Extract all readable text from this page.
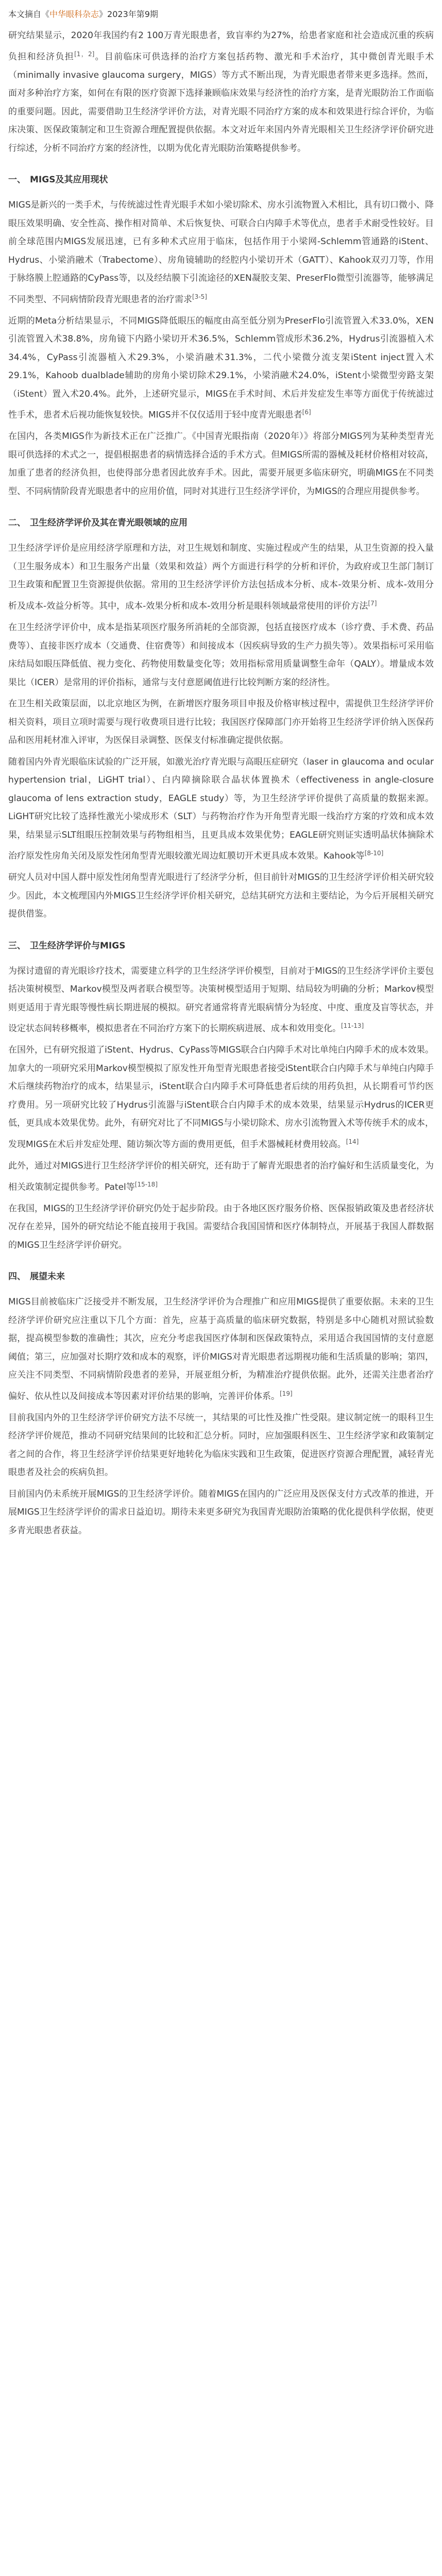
本文摘自《中华眼科杂志》2023年第9期

研究结果显示，2020年我国约有2 100万青光眼患者，致盲率约为27%，给患者家庭和社会造成沉重的疾病负担和经济负担[1，2]。目前临床可供选择的治疗方案包括药物、激光和手术治疗，其中微创青光眼手术（minimally invasive glaucoma surgery，MIGS）等方式不断出现，为青光眼患者带来更多选择。然而，面对多种治疗方案，如何在有限的医疗资源下选择兼顾临床效果与经济性的治疗方案，是青光眼防治工作面临的重要问题。因此，需要借助卫生经济学评价方法，对青光眼不同治疗方案的成本和效果进行综合评价，为临床决策、医保政策制定和卫生资源合理配置提供依据。本文对近年来国内外青光眼相关卫生经济学评价研究进行综述，分析不同治疗方案的经济性，以期为优化青光眼防治策略提供参考。

一、 MIGS及其应用现状

MIGS是新兴的一类手术，与传统滤过性青光眼手术如小梁切除术、房水引流物置入术相比，具有切口微小、降眼压效果明确、安全性高、操作相对简单、术后恢复快、可联合白内障手术等优点，患者手术耐受性较好。目前全球范围内MIGS发展迅速，已有多种术式应用于临床，包括作用于小梁网-Schlemm管通路的iStent、Hydrus、小梁消融术（Trabectome）、房角镜辅助的经腔内小梁切开术（GATT）、Kahook双刃刀等，作用于脉络膜上腔通路的CyPass等，以及经结膜下引流途径的XEN凝胶支架、PreserFlo微型引流器等，能够满足不同类型、不同病情阶段青光眼患者的治疗需求[3-5]

近期的Meta分析结果显示，不同MIGS降低眼压的幅度由高至低分别为PreserFlo引流管置入术33.0%，XEN引流管置入术38.8%，房角镜下内路小梁切开术36.5%，Schlemm管成形术36.2%，Hydrus引流器植入术34.4%，CyPass引流器植入术29.3%，小梁消融术31.3%，二代小梁微分流支架iStent inject置入术29.1%，Kahoob dualblade辅助的房角小梁切除术29.1%，小梁消融术24.0%，iStent小梁微型旁路支架（iStent）置入术20.4%。此外，上述研究显示，MIGS在手术时间、术后并发症发生率等方面优于传统滤过性手术，患者术后视功能恢复较快。MIGS并不仅仅适用于轻中度青光眼患者[6]

在国内，各类MIGS作为新技术正在广泛推广。《中国青光眼指南（2020年）》将部分MIGS列为某种类型青光眼可供选择的术式之一，提倡根据患者的病情选择合适的手术方式。但MIGS所需的器械及耗材价格相对较高，加重了患者的经济负担，也使得部分患者因此放弃手术。因此，需要开展更多临床研究，明确MIGS在不同类型、不同病情阶段青光眼患者中的应用价值，同时对其进行卫生经济学评价，为MIGS的合理应用提供参考。

二、 卫生经济学评价及其在青光眼领域的应用

卫生经济学评价是应用经济学原理和方法，对卫生规划和制度、实施过程或产生的结果，从卫生资源的投入量（卫生服务成本）和卫生服务产出量（效果和效益）两个方面进行科学的分析和评价，为政府或卫生部门制订卫生政策和配置卫生资源提供依据。常用的卫生经济学评价方法包括成本分析、成本-效果分析、成本-效用分析及成本-效益分析等。其中，成本-效果分析和成本-效用分析是眼科领域最常使用的评价方法[7]

在卫生经济学评价中，成本是指某项医疗服务所消耗的全部资源，包括直接医疗成本（诊疗费、手术费、药品费等）、直接非医疗成本（交通费、住宿费等）和间接成本（因疾病导致的生产力损失等）。效果指标可采用临床结局如眼压降低值、视力变化、药物使用数量变化等；效用指标常用质量调整生命年（QALY）。增量成本效果比（ICER）是常用的评价指标，通常与支付意愿阈值进行比较判断方案的经济性。

在卫生相关政策层面，以北京地区为例，在新增医疗服务项目申报及价格审核过程中，需提供卫生经济学评价相关资料，项目立项时需要与现行收费项目进行比较；我国医疗保障部门亦开始将卫生经济学评价纳入医保药品和医用耗材准入评审，为医保目录调整、医保支付标准确定提供依据。

随着国内外青光眼临床试验的广泛开展，如激光治疗青光眼与高眼压症研究（laser in glaucoma and ocular hypertension trial，LiGHT trial）、白内障摘除联合晶状体置换术（effectiveness in angle-closure glaucoma of lens extraction study，EAGLE study）等，为卫生经济学评价提供了高质量的数据来源。LiGHT研究比较了选择性激光小梁成形术（SLT）与药物治疗作为开角型青光眼一线治疗方案的疗效和成本效果，结果显示SLT组眼压控制效果与药物组相当，且更具成本效果优势；EAGLE研究则证实透明晶状体摘除术治疗原发性房角关闭及原发性闭角型青光眼较激光周边虹膜切开术更具成本效果。Kahook等[8-10]

研究人员对中国人群中原发性闭角型青光眼进行了经济学分析，但目前针对MIGS的卫生经济学评价相关研究较少。因此，本文梳理国内外MIGS卫生经济学评价相关研究，总结其研究方法和主要结论，为今后开展相关研究提供借鉴。

三、 卫生经济学评价与MIGS

为探讨遗留的青光眼诊疗技术，需要建立科学的卫生经济学评价模型，目前对于MIGS的卫生经济学评价主要包括决策树模型、Markov模型及两者联合模型等。决策树模型适用于短期、结局较为明确的分析；Markov模型则更适用于青光眼等慢性病长期进展的模拟。研究者通常将青光眼病情分为轻度、中度、重度及盲等状态，并设定状态间转移概率，模拟患者在不同治疗方案下的长期疾病进展、成本和效用变化。[11-13]

在国外，已有研究报道了iStent、Hydrus、CyPass等MIGS联合白内障手术对比单纯白内障手术的成本效果。加拿大的一项研究采用Markov模型模拟了原发性开角型青光眼患者接受iStent联合白内障手术与单纯白内障手术后继续药物治疗的成本，结果显示，iStent联合白内障手术可降低患者后续的用药负担，从长期看可节约医疗费用。另一项研究比较了Hydrus引流器与iStent联合白内障手术的成本效果，结果显示Hydrus的ICER更低，更具成本效果优势。此外，有研究对比了不同MIGS与小梁切除术、房水引流物置入术等传统手术的成本，发现MIGS在术后并发症处理、随访频次等方面的费用更低，但手术器械耗材费用较高。[14]

此外，通过对MIGS进行卫生经济学评价的相关研究，还有助于了解青光眼患者的治疗偏好和生活质量变化，为相关政策制定提供参考。Patel等[15-18]

在我国，MIGS的卫生经济学评价研究仍处于起步阶段。由于各地区医疗服务价格、医保报销政策及患者经济状况存在差异，国外的研究结论不能直接用于我国。需要结合我国国情和医疗体制特点，开展基于我国人群数据的MIGS卫生经济学评价研究。

四、 展望未来

MIGS目前被临床广泛接受并不断发展，卫生经济学评价为合理推广和应用MIGS提供了重要依据。未来的卫生经济学评价研究应注重以下几个方面：首先，应基于高质量的临床研究数据，特别是多中心随机对照试验数据，提高模型参数的准确性；其次，应充分考虑我国医疗体制和医保政策特点，采用适合我国国情的支付意愿阈值；第三，应加强对长期疗效和成本的观察，评价MIGS对青光眼患者远期视功能和生活质量的影响；第四，应关注不同类型、不同病情阶段患者的差异，开展亚组分析，为精准治疗提供依据。此外，还需关注患者治疗偏好、依从性以及间接成本等因素对评价结果的影响，完善评价体系。[19]

目前我国内外的卫生经济学评价研究方法不尽统一，其结果的可比性及推广性受限。建议制定统一的眼科卫生经济学评价规范，推动不同研究结果间的比较和汇总分析。同时，应加强眼科医生、卫生经济学家和政策制定者之间的合作，将卫生经济学评价结果更好地转化为临床实践和卫生政策，促进医疗资源合理配置，减轻青光眼患者及社会的疾病负担。

目前国内仍未系统开展MIGS的卫生经济学评价。随着MIGS在国内的广泛应用及医保支付方式改革的推进，开展MIGS卫生经济学评价的需求日益迫切。期待未来更多研究为我国青光眼防治策略的优化提供科学依据，使更多青光眼患者获益。
